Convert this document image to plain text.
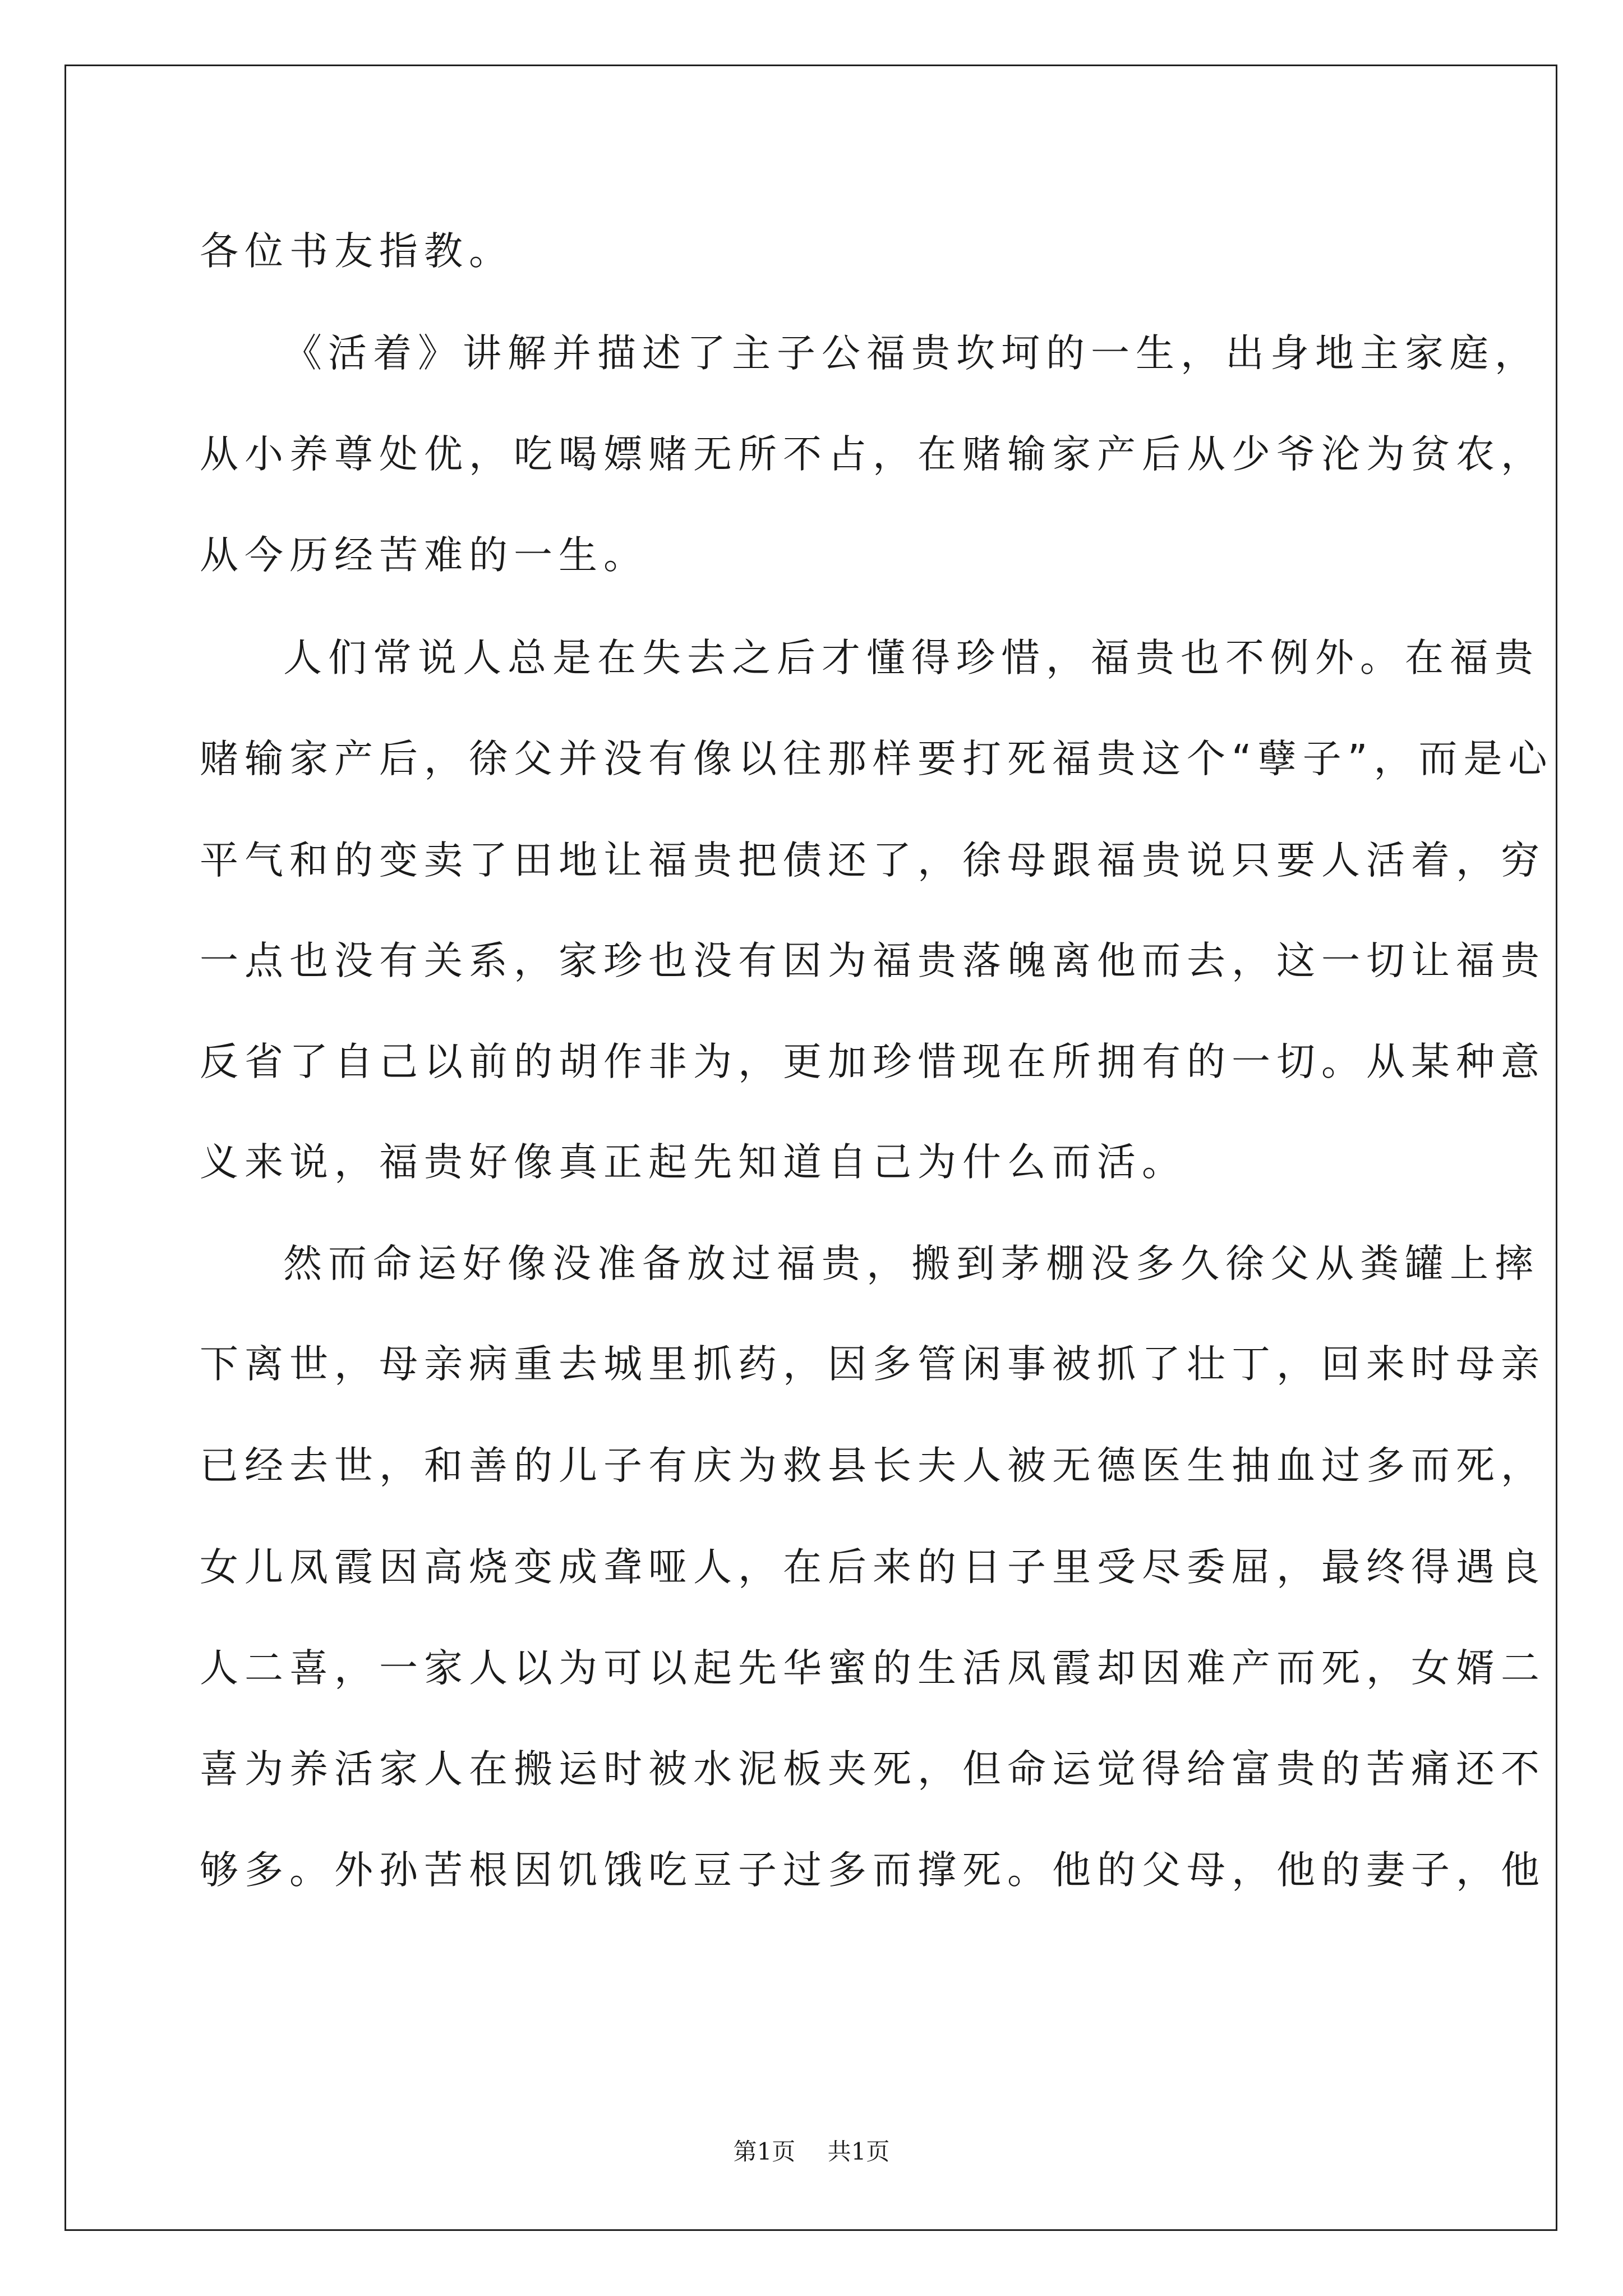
各位书友指教。
《活着》讲解并描述了主子公福贵坎坷的一生，出身地主家庭，
从小养尊处优，吃喝嫖赌无所不占，在赌输家产后从少爷沦为贫农，
从今历经苦难的一生。
人们常说人总是在失去之后才懂得珍惜，福贵也不例外。在福贵
赌输家产后，徐父并没有像以往那样要打死福贵这个“孽子”，而是心
平气和的变卖了田地让福贵把债还了，徐母跟福贵说只要人活着，穷
一点也没有关系，家珍也没有因为福贵落魄离他而去，这一切让福贵
反省了自己以前的胡作非为，更加珍惜现在所拥有的一切。从某种意
义来说，福贵好像真正起先知道自己为什么而活。
然而命运好像没准备放过福贵，搬到茅棚没多久徐父从粪罐上摔
下离世，母亲病重去城里抓药，因多管闲事被抓了壮丁，回来时母亲
已经去世，和善的儿子有庆为救县长夫人被无德医生抽血过多而死，
女儿凤霞因高烧变成聋哑人，在后来的日子里受尽委屈，最终得遇良
人二喜，一家人以为可以起先华蜜的生活凤霞却因难产而死，女婿二
喜为养活家人在搬运时被水泥板夹死，但命运觉得给富贵的苦痛还不
够多。外孙苦根因饥饿吃豆子过多而撑死。他的父母，他的妻子，他
第1页 共1页
